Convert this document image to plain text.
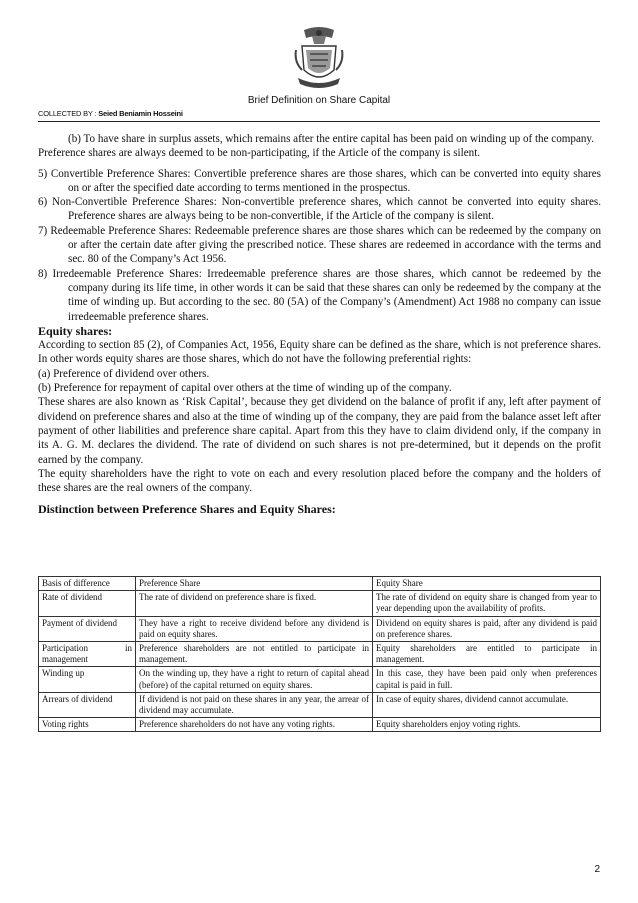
Brief Definition on Share Capital
COLLECTED BY : Seied Beniamin Hosseini

(b) To have share in surplus assets, which remains after the entire capital has been paid on winding up of the company.

Preference shares are always deemed to be non-participating, if the Article of the company is silent.

5) Convertible Preference Shares: Convertible preference shares are those shares, which can be converted into equity shares on or after the specified date according to terms mentioned in the prospectus.

6) Non-Convertible Preference Shares: Non-convertible preference shares, which cannot be converted into equity shares. Preference shares are always being to be non-convertible, if the Article of the company is silent.

7) Redeemable Preference Shares: Redeemable preference shares are those shares which can be redeemed by the company on or after the certain date after giving the prescribed notice. These shares are redeemed in accordance with the terms and sec. 80 of the Company’s Act 1956.

8) Irredeemable Preference Shares: Irredeemable preference shares are those shares, which cannot be redeemed by the company during its life time, in other words it can be said that these shares can only be redeemed by the company at the time of winding up. But according to the sec. 80 (5A) of the Company’s (Amendment) Act 1988 no company can issue irredeemable preference shares.

Equity shares:

According to section 85 (2), of Companies Act, 1956, Equity share can be defined as the share, which is not preference shares. In other words equity shares are those shares, which do not have the following preferential rights:

(a) Preference of dividend over others.

(b) Preference for repayment of capital over others at the time of winding up of the company.

These shares are also known as ‘Risk Capital’, because they get dividend on the balance of profit if any, left after payment of dividend on preference shares and also at the time of winding up of the company, they are paid from the balance asset left after payment of other liabilities and preference share capital. Apart from this they have to claim dividend only, if the company in its A. G. M. declares the dividend. The rate of dividend on such shares is not pre-determined, but it depends on the profit earned by the company.

The equity shareholders have the right to vote on each and every resolution placed before the company and the holders of these shares are the real owners of the company.

Distinction between Preference Shares and Equity Shares:

Basis of difference	Preference Share	Equity Share
Rate of dividend	The rate of dividend on preference share is fixed.	The rate of dividend on equity share is changed from year to year depending upon the availability of profits.
Payment of dividend	They have a right to receive dividend before any dividend is paid on equity shares.	Dividend on equity shares is paid, after any dividend is paid on preference shares.
Participation in management	Preference shareholders are not entitled to participate in management.	Equity shareholders are entitled to participate in management.
Winding up	On the winding up, they have a right to return of capital ahead (before) of the capital returned on equity shares.	In this case, they have been paid only when preferences capital is paid in full.
Arrears of dividend	If dividend is not paid on these shares in any year, the arrear of dividend may accumulate.	In case of equity shares, dividend cannot accumulate.
Voting rights	Preference shareholders do not have any voting rights.	Equity shareholders enjoy voting rights.
2
